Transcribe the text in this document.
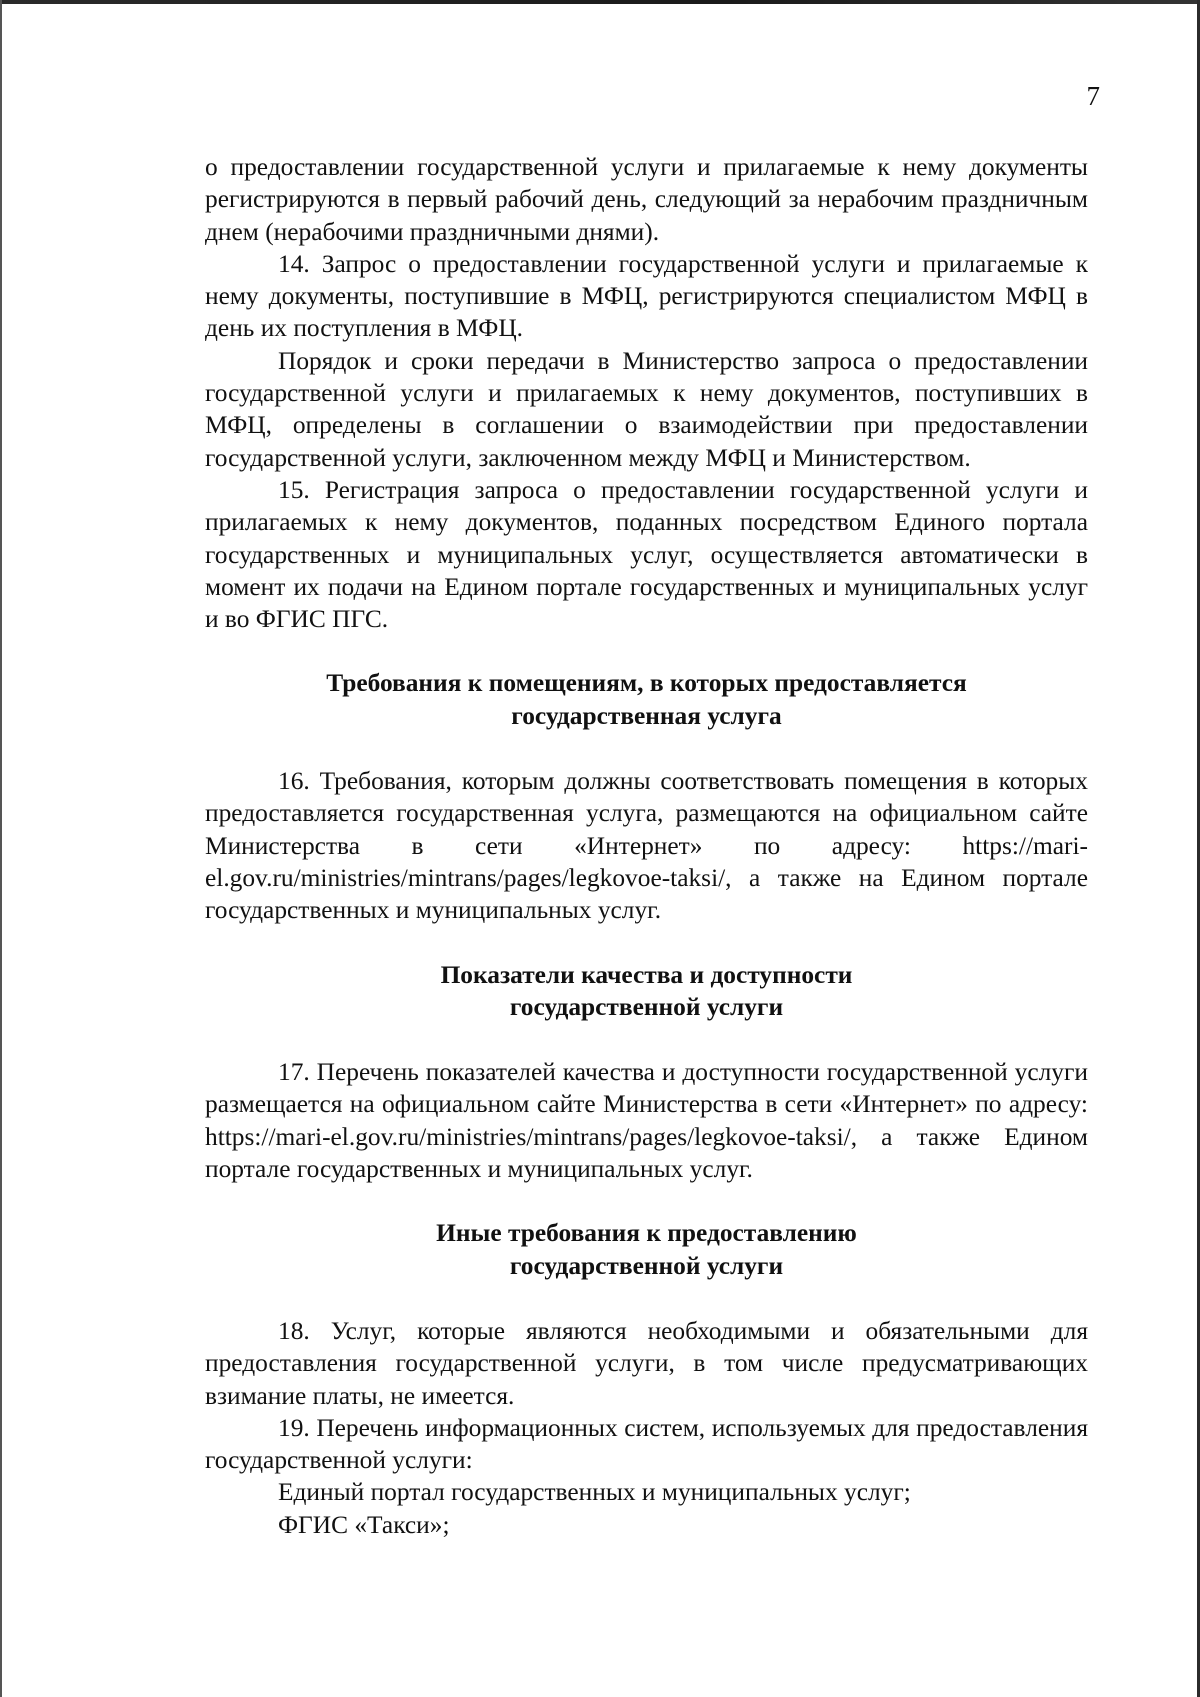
7

о предоставлении государственной услуги и прилагаемые к нему документы регистрируются в первый рабочий день, следующий за нерабочим праздничным днем (нерабочими праздничными днями).

14. Запрос о предоставлении государственной услуги и прилагаемые к нему документы, поступившие в МФЦ, регистрируются специалистом МФЦ в день их поступления в МФЦ.

Порядок и сроки передачи в Министерство запроса о предоставлении государственной услуги и прилагаемых к нему документов, поступивших в МФЦ, определены в соглашении о взаимодействии при предоставлении государственной услуги, заключенном между МФЦ и Министерством.

15. Регистрация запроса о предоставлении государственной услуги и прилагаемых к нему документов, поданных посредством Единого портала государственных и муниципальных услуг, осуществляется автоматически в момент их подачи на Едином портале государственных и муниципальных услуг и во ФГИС ПГС.

Требования к помещениям, в которых предоставляется

государственная услуга

16. Требования, которым должны соответствовать помещения в которых предоставляется государственная услуга, размещаются на официальном сайте Министерства в сети «Интернет» по адресу: https://mari-el.gov.ru/ministries/mintrans/pages/legkovoe-taksi/, а также на Едином портале государственных и муниципальных услуг.

Показатели качества и доступности

государственной услуги

17. Перечень показателей качества и доступности государственной услуги размещается на официальном сайте Министерства в сети «Интернет» по адресу: https://mari-el.gov.ru/ministries/mintrans/pages/legkovoe-taksi/, а также Едином портале государственных и муниципальных услуг.

Иные требования к предоставлению

государственной услуги

18. Услуг, которые являются необходимыми и обязательными для предоставления государственной услуги, в том числе предусматривающих взимание платы, не имеется.

19. Перечень информационных систем, используемых для предоставления государственной услуги:

Единый портал государственных и муниципальных услуг;

ФГИС «Такси»;
